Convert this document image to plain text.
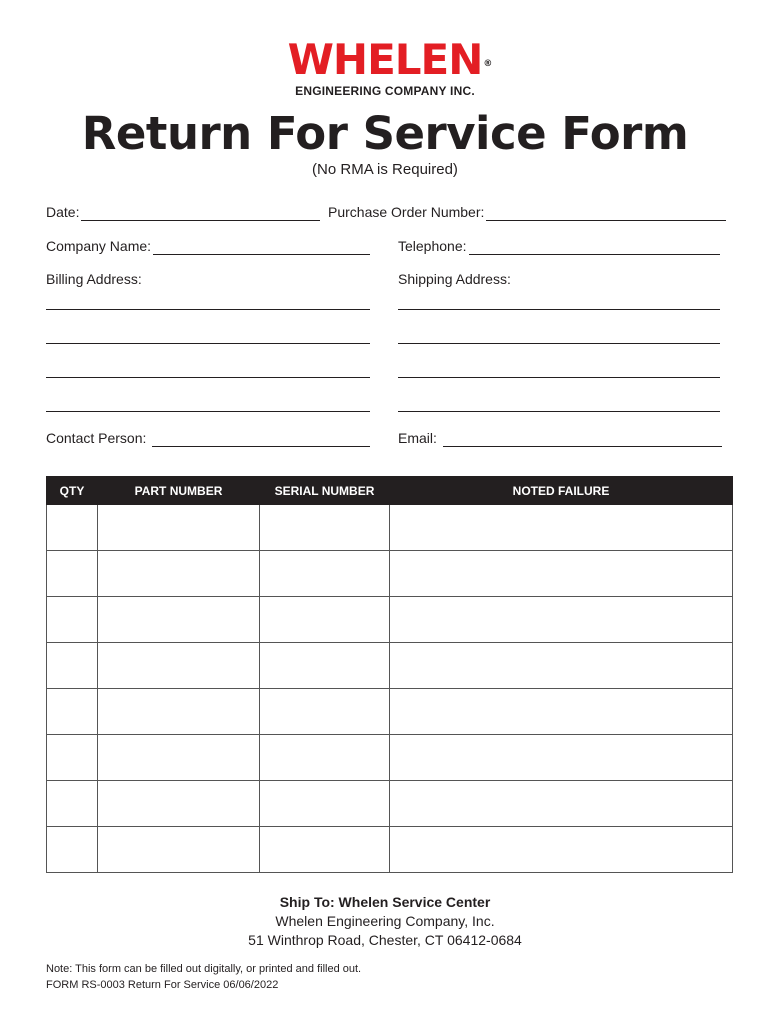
WHELEN ®
ENGINEERING COMPANY INC.
Return For Service Form
(No RMA is Required)
Date:	Purchase Order Number:
Company Name:	Telephone:
Billing Address:	Shipping Address:
Contact Person:	Email:
QTY	PART NUMBER	SERIAL NUMBER	NOTED FAILURE

Ship To: Whelen Service Center
Whelen Engineering Company, Inc.
51 Winthrop Road, Chester, CT 06412-0684
Note: This form can be filled out digitally, or printed and filled out.
FORM RS-0003 Return For Service 06/06/2022
